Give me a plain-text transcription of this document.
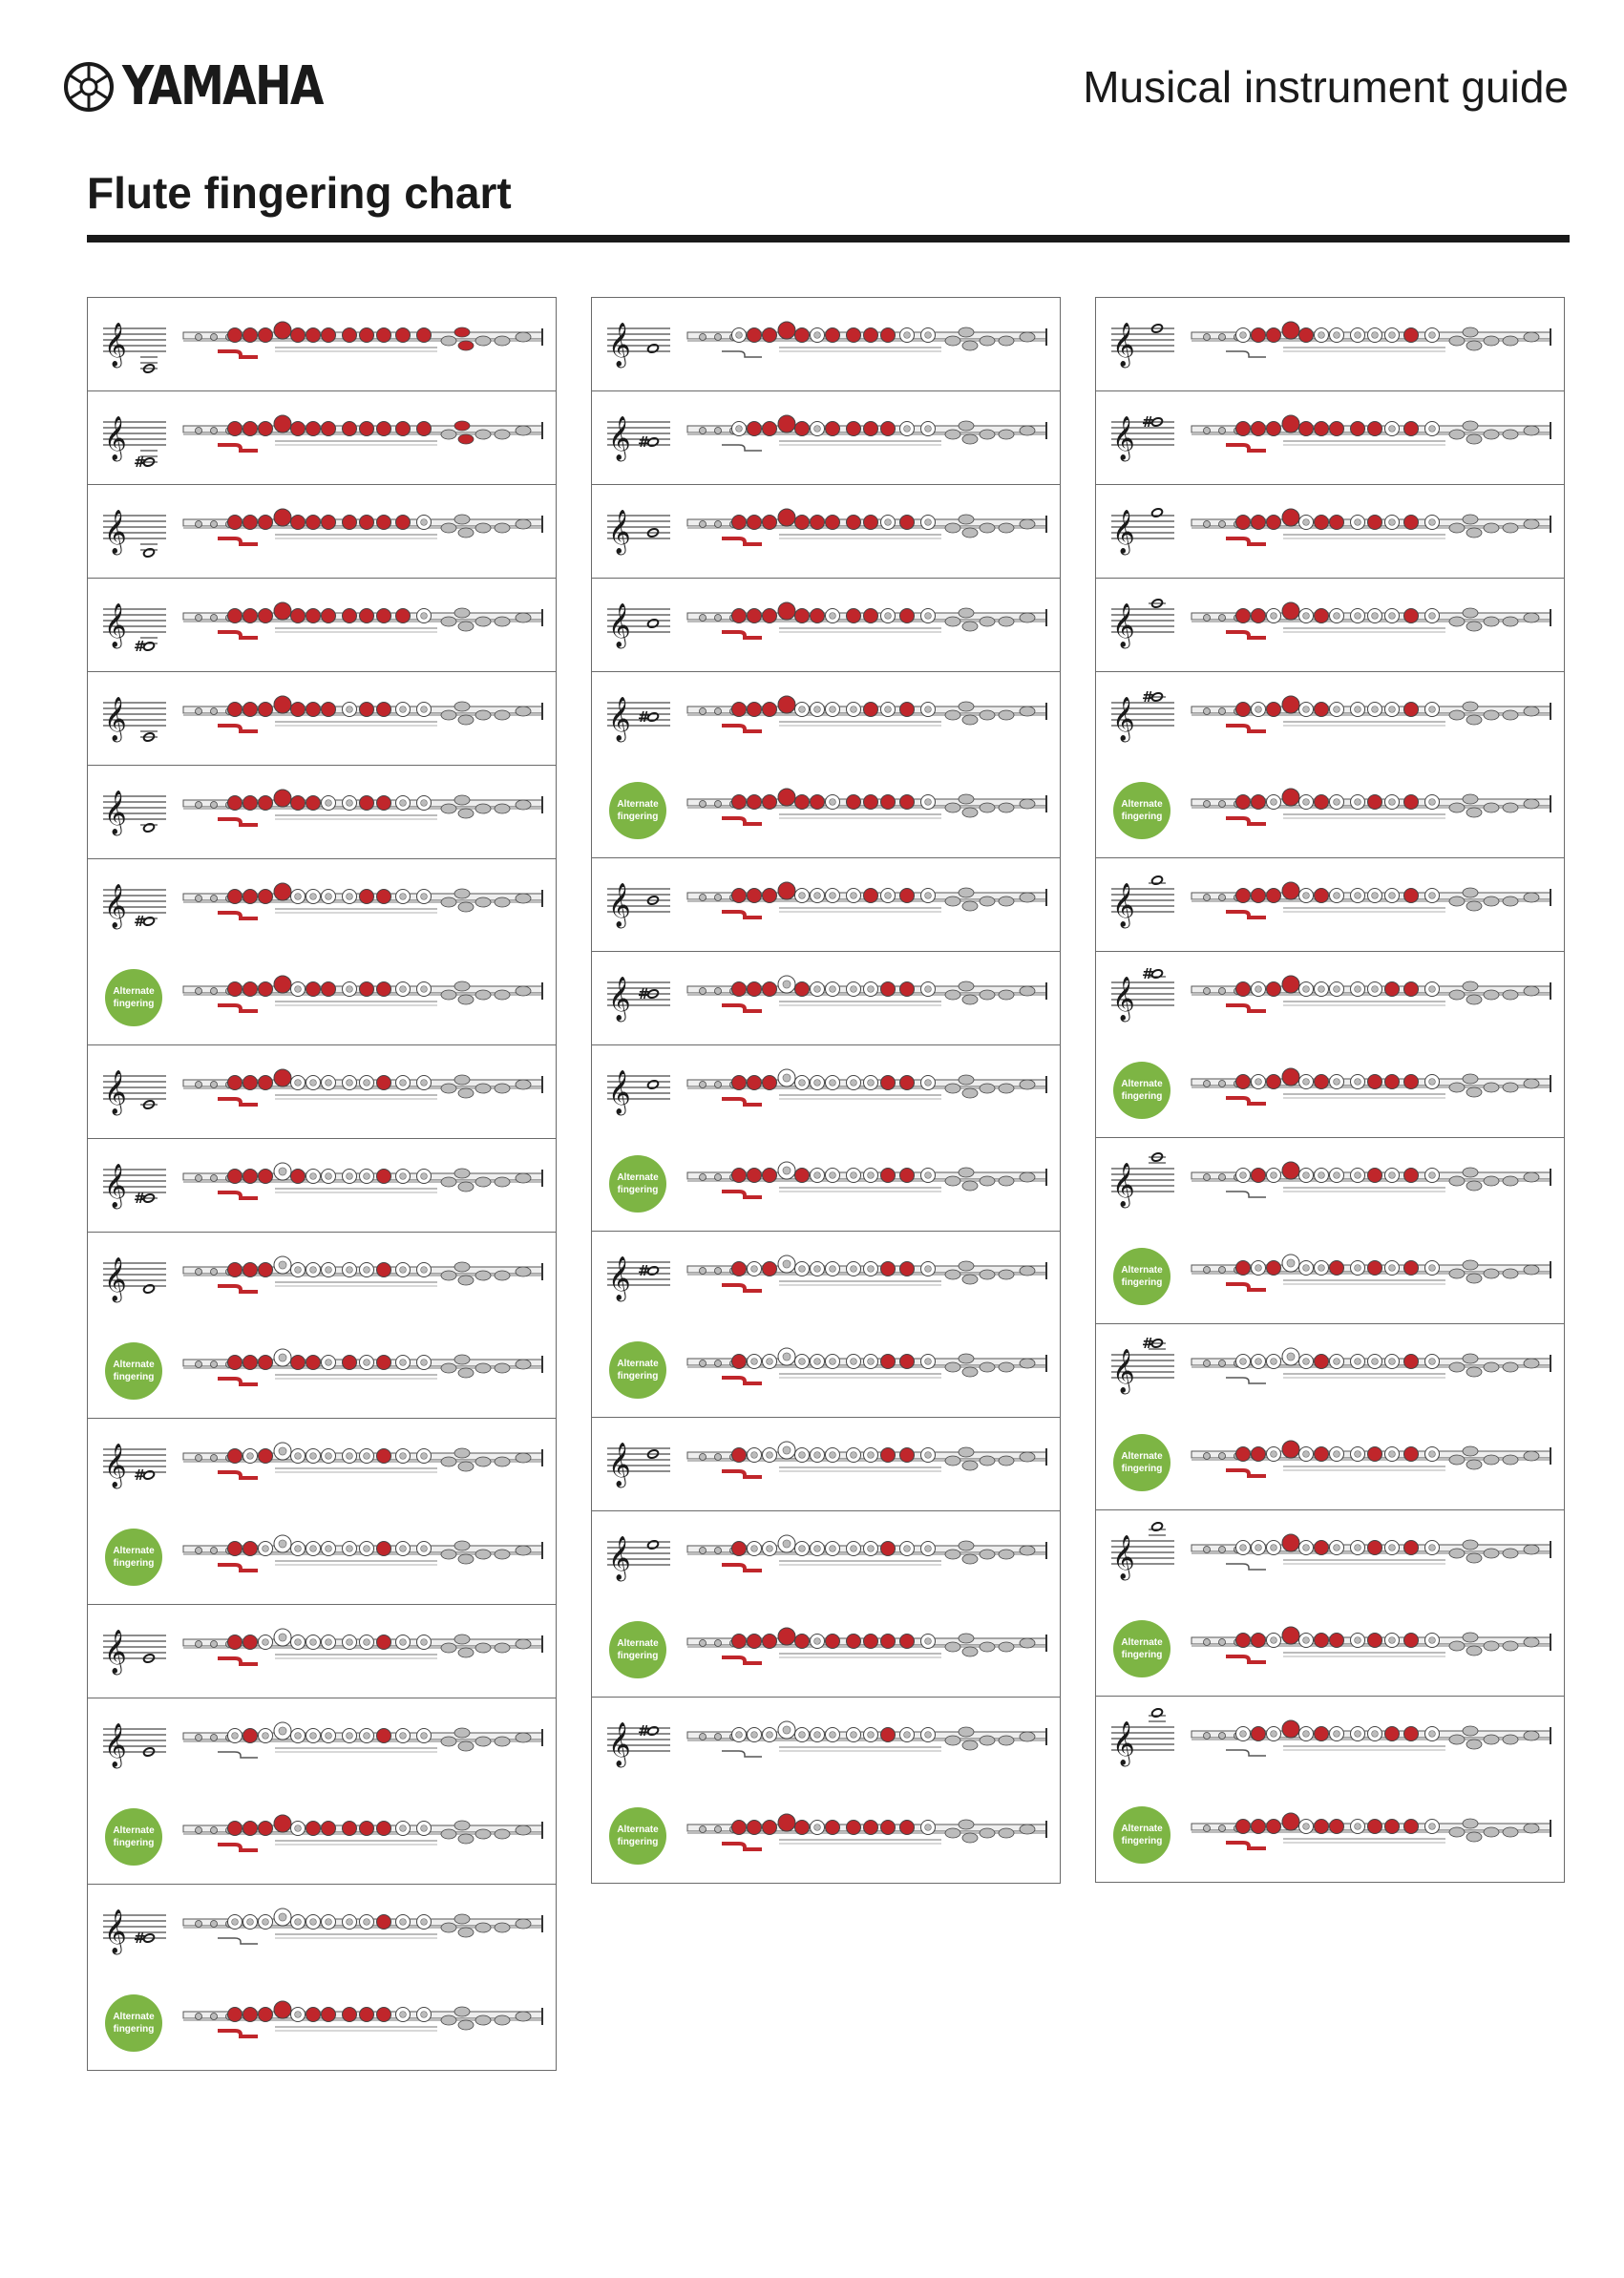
YAMAHA	Musical instrument guide
Flute fingering chart
𝄞
𝄞
#
𝄞
𝄞 #
𝄞
𝄞
𝄞 #
Alternate
fingering
𝄞
𝄞 #
𝄞
Alternate
fingering
𝄞 #
Alternate
fingering
𝄞
𝄞
Alternate
fingering
𝄞 #
Alternate
fingering
𝄞
𝄞 #
𝄞
𝄞
𝄞 #
Alternate
fingering
𝄞
𝄞 #
𝄞
Alternate
fingering
𝄞 #
Alternate
fingering
𝄞
𝄞
Alternate
fingering
𝄞 #
Alternate
fingering
𝄞
𝄞 #
𝄞
𝄞
𝄞 #
Alternate
fingering
𝄞
𝄞
#
Alternate
fingering
𝄞
Alternate
fingering
𝄞
#
Alternate
fingering
𝄞
Alternate
fingering
𝄞
Alternate
fingering
